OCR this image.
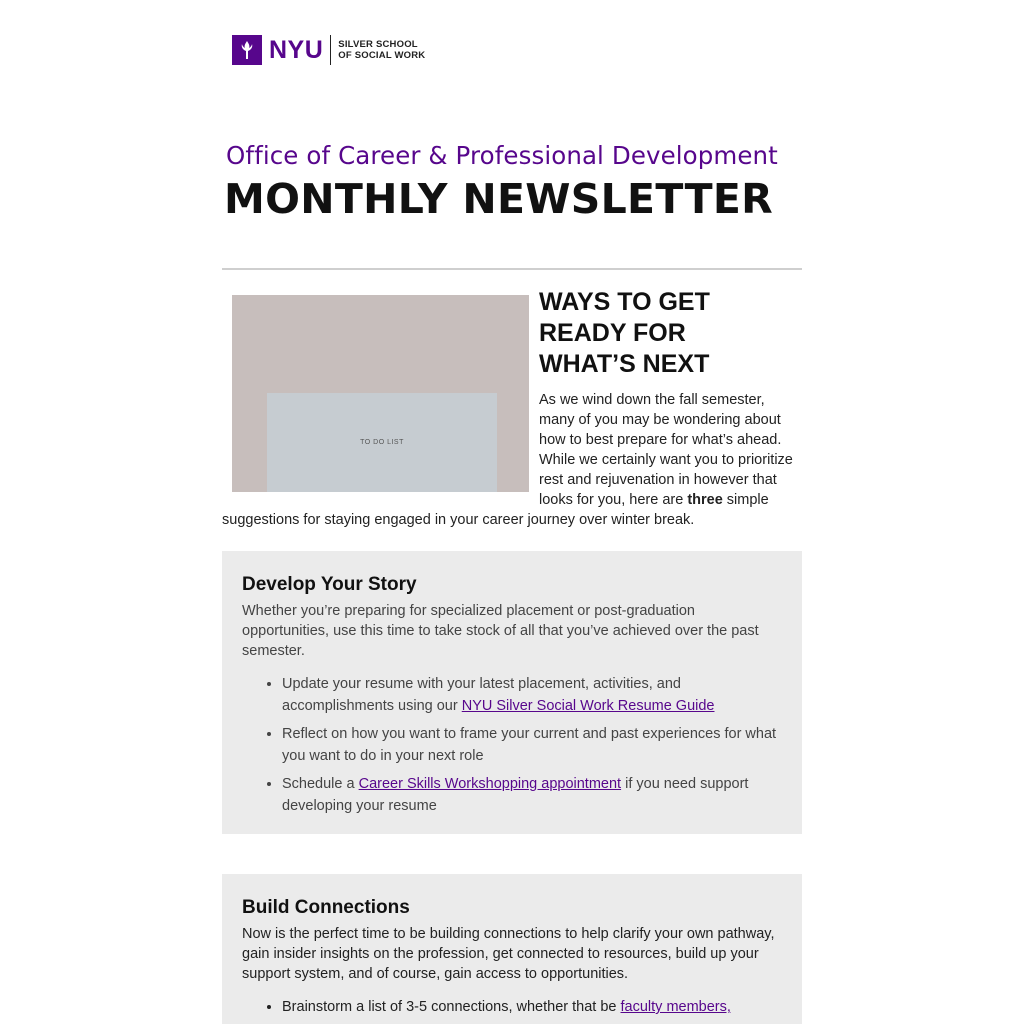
NYU SILVER SCHOOL
OF SOCIAL WORK
Office of Career & Professional Development
MONTHLY NEWSLETTER
TO DO LIST
WAYS TO GET
READY FOR
WHAT’S NEXT

As we wind down the fall semester, many of you may be wondering about how to best prepare for what’s ahead. While we certainly want you to prioritize rest and rejuvenation in however that looks for you, here are three simple suggestions for staying engaged in your career journey over winter break.

Develop Your Story

Whether you’re preparing for specialized placement or post-graduation opportunities, use this time to take stock of all that you’ve achieved over the past semester.

• Update your resume with your latest placement, activities, and accomplishments using our NYU Silver Social Work Resume Guide
• Reflect on how you want to frame your current and past experiences for what you want to do in your next role
• Schedule a Career Skills Workshopping appointment if you need support developing your resume
Build Connections

Now is the perfect time to be building connections to help clarify your own pathway, gain insider insights on the profession, get connected to resources, build up your support system, and of course, gain access to opportunities.

• Brainstorm a list of 3-5 connections, whether that be faculty members,
